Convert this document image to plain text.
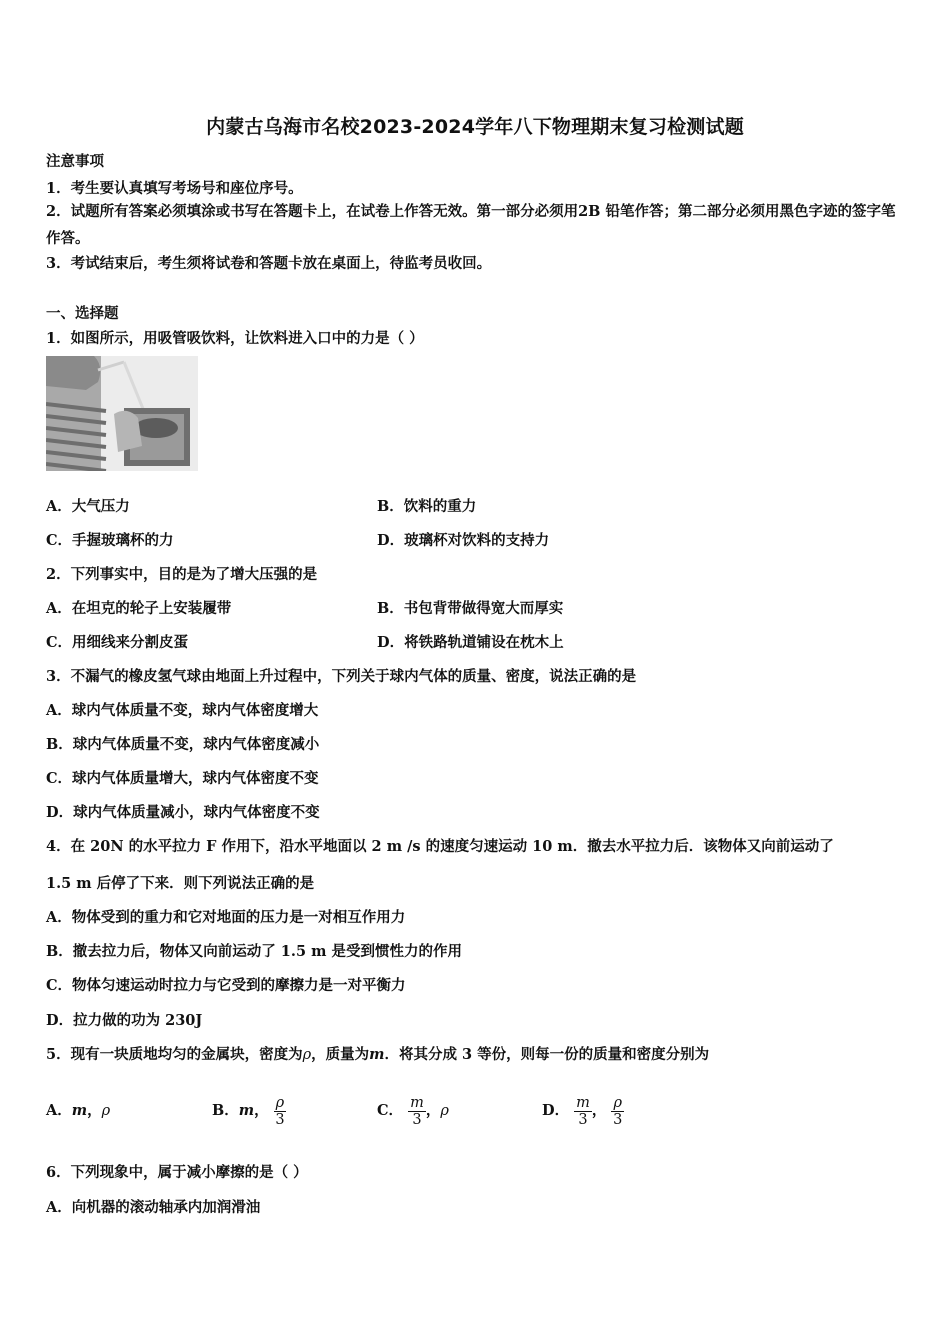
内蒙古乌海市名校2023-2024学年八下物理期末复习检测试题
注意事项
1．考生要认真填写考场号和座位序号。
2．试题所有答案必须填涂或书写在答题卡上，在试卷上作答无效。第一部分必须用2B 铅笔作答；第二部分必须用黑色字迹的签字笔作答。
3．考试结束后，考生须将试卷和答题卡放在桌面上，待监考员收回。
一、选择题
1．如图所示，用吸管吸饮料，让饮料进入口中的力是（ ）
A．大气压力	B．饮料的重力
C．手握玻璃杯的力	D．玻璃杯对饮料的支持力
2．下列事实中，目的是为了增大压强的是
A．在坦克的轮子上安装履带	B．书包背带做得宽大而厚实
C．用细线来分割皮蛋	D．将铁路轨道铺设在枕木上
3．不漏气的橡皮氢气球由地面上升过程中，下列关于球内气体的质量、密度，说法正确的是
A．球内气体质量不变，球内气体密度增大
B．球内气体质量不变，球内气体密度减小
C．球内气体质量增大，球内气体密度不变
D．球内气体质量减小，球内气体密度不变
4．在 20N 的水平拉力 F 作用下，沿水平地面以 2 m /s 的速度匀速运动 10 m．撤去水平拉力后．该物体又向前运动了
1.5 m 后停了下来．则下列说法正确的是
A．物体受到的重力和它对地面的压力是一对相互作用力
B．撤去拉力后，物体又向前运动了 1.5 m 是受到惯性力的作用
C．物体匀速运动时拉力与它受到的摩擦力是一对平衡力
D．拉力做的功为 230J
5．现有一块质地均匀的金属块，密度为ρ，质量为m．将其分成 3 等份，则每一份的质量和密度分别为
A．m，ρ	B．m， $\frac{\rho}{3}$	C． $\frac{m}{3}$ ，ρ	D． $\frac{m}{3}$ ， $\frac{\rho}{3}$
6．下列现象中，属于减小摩擦的是（ ）
A．向机器的滚动轴承内加润滑油
